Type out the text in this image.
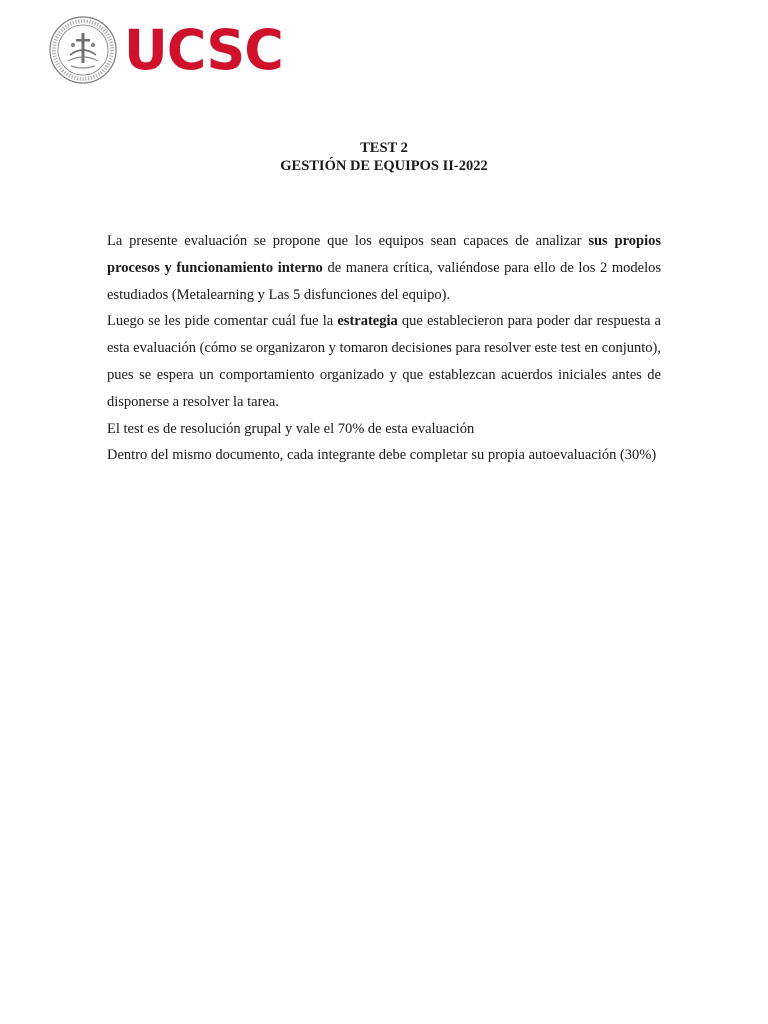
UCSC
TEST 2
GESTIÓN DE EQUIPOS II-2022

La presente evaluación se propone que los equipos sean capaces de analizar sus propios procesos y funcionamiento interno de manera crítica, valiéndose para ello de los 2 modelos estudiados (Metalearning y Las 5 disfunciones del equipo).

Luego se les pide comentar cuál fue la estrategia que establecieron para poder dar respuesta a esta evaluación (cómo se organizaron y tomaron decisiones para resolver este test en conjunto), pues se espera un comportamiento organizado y que establezcan acuerdos iniciales antes de disponerse a resolver la tarea.

El test es de resolución grupal y vale el 70% de esta evaluación

Dentro del mismo documento, cada integrante debe completar su propia autoevaluación (30%)
